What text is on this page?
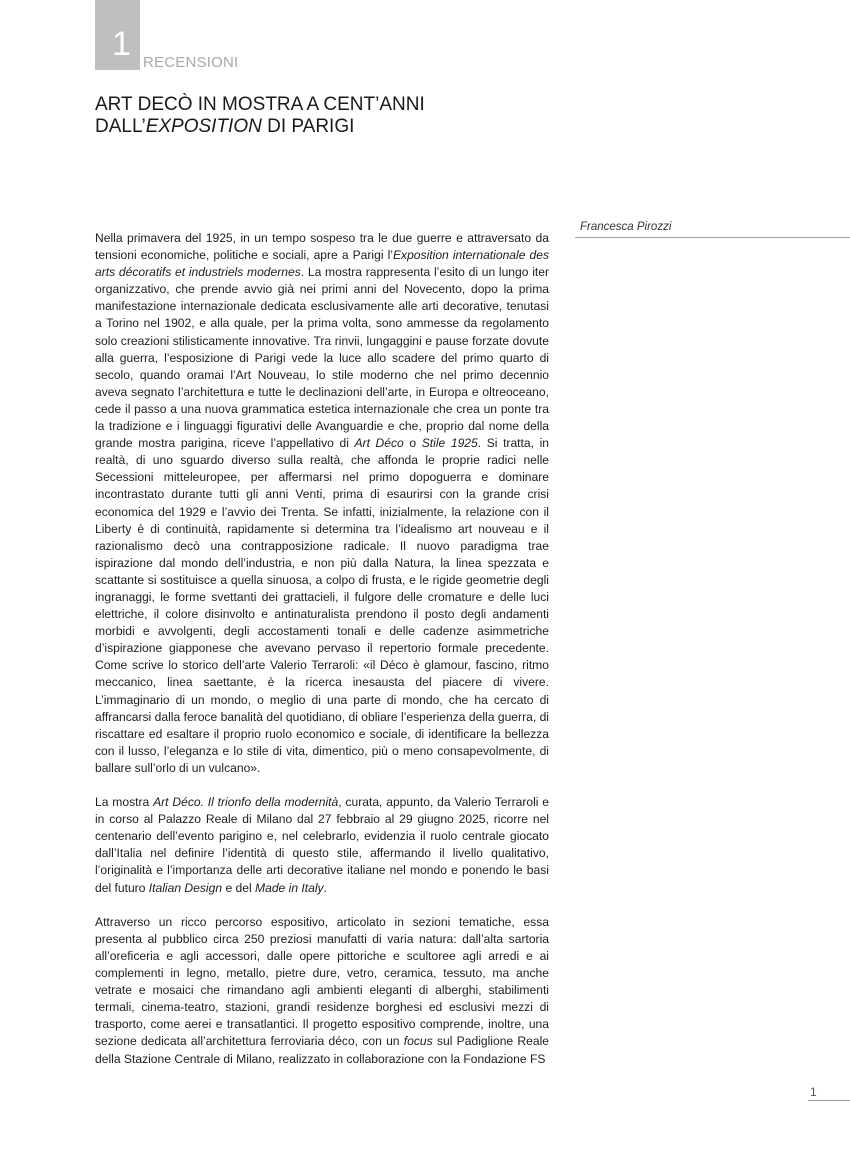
1 RECENSIONI
ART DECÒ IN MOSTRA A CENT’ANNI DALL’EXPOSITION DI PARIGI
Francesca Pirozzi

Nella primavera del 1925, in un tempo sospeso tra le due guerre e attraversato da tensioni economiche, politiche e sociali, apre a Parigi l’Exposition internationale des arts décoratifs et industriels modernes. La mostra rappresenta l’esito di un lungo iter organizzativo, che prende avvio già nei primi anni del Novecento, dopo la prima manifestazione internazionale dedicata esclusivamente alle arti decorative, tenutasi a Torino nel 1902, e alla quale, per la prima volta, sono ammesse da regolamento solo creazioni stilisticamente innovative. Tra rinvii, lungaggini e pause forzate dovute alla guerra, l’esposizione di Parigi vede la luce allo scadere del primo quarto di secolo, quando oramai l’Art Nouveau, lo stile moderno che nel primo decennio aveva segnato l’architettura e tutte le declinazioni dell’arte, in Europa e oltreoceano, cede il passo a una nuova grammatica estetica internazionale che crea un ponte tra la tradizione e i linguaggi figurativi delle Avanguardie e che, proprio dal nome della grande mostra parigina, riceve l’appellativo di Art Déco o Stile 1925. Si tratta, in realtà, di uno sguardo diverso sulla realtà, che affonda le proprie radici nelle Secessioni mitteleuropee, per affermarsi nel primo dopoguerra e dominare incontrastato durante tutti gli anni Venti, prima di esaurirsi con la grande crisi economica del 1929 e l’avvio dei Trenta. Se infatti, inizialmente, la relazione con il Liberty è di continuità, rapidamente si determina tra l’idealismo art nouveau e il razionalismo decò una contrapposizione radicale. Il nuovo paradigma trae ispirazione dal mondo dell’industria, e non più dalla Natura, la linea spezzata e scattante si sostituisce a quella sinuosa, a colpo di frusta, e le rigide geometrie degli ingranaggi, le forme svettanti dei grattacieli, il fulgore delle cromature e delle luci elettriche, il colore disinvolto e antinaturalista prendono il posto degli andamenti morbidi e avvolgenti, degli accostamenti tonali e delle cadenze asimmetriche d’ispirazione giapponese che avevano pervaso il repertorio formale precedente. Come scrive lo storico dell’arte Valerio Terraroli: «il Déco è glamour, fascino, ritmo meccanico, linea saettante, è la ricerca inesausta del piacere di vivere. L’immaginario di un mondo, o meglio di una parte di mondo, che ha cercato di affrancarsi dalla feroce banalità del quotidiano, di obliare l’esperienza della guerra, di riscattare ed esaltare il proprio ruolo economico e sociale, di identificare la bellezza con il lusso, l’eleganza e lo stile di vita, dimentico, più o meno consapevolmente, di ballare sull’orlo di un vulcano».

La mostra Art Déco. Il trionfo della modernità, curata, appunto, da Valerio Terraroli e in corso al Palazzo Reale di Milano dal 27 febbraio al 29 giugno 2025, ricorre nel centenario dell’evento parigino e, nel celebrarlo, evidenzia il ruolo centrale giocato dall’Italia nel definire l’identità di questo stile, affermando il livello qualitativo, l’originalità e l’importanza delle arti decorative italiane nel mondo e ponendo le basi del futuro Italian Design e del Made in Italy.

Attraverso un ricco percorso espositivo, articolato in sezioni tematiche, essa presenta al pubblico circa 250 preziosi manufatti di varia natura: dall’alta sartoria all’oreficeria e agli accessori, dalle opere pittoriche e scultoree agli arredi e ai complementi in legno, metallo, pietre dure, vetro, ceramica, tessuto, ma anche vetrate e mosaici che rimandano agli ambienti eleganti di alberghi, stabilimenti termali, cinema-teatro, stazioni, grandi residenze borghesi ed esclusivi mezzi di trasporto, come aerei e transatlantici. Il progetto espositivo comprende, inoltre, una sezione dedicata all’architettura ferroviaria déco, con un focus sul Padiglione Reale della Stazione Centrale di Milano, realizzato in collaborazione con la Fondazione FS

1
